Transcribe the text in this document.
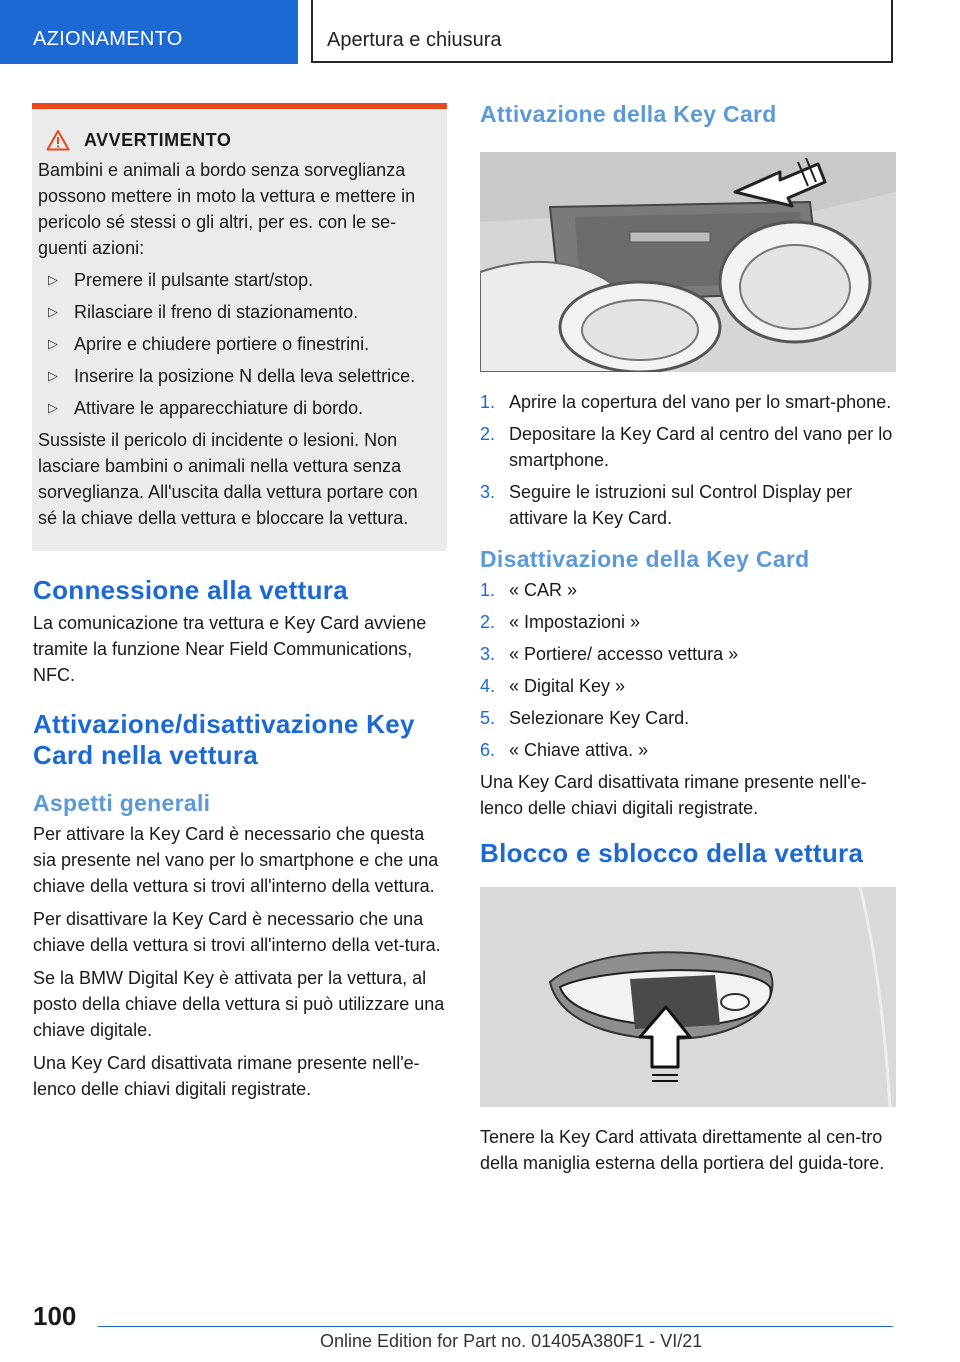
AZIONAMENTO	Apertura e chiusura
AVVERTIMENTO

Bambini e animali a bordo senza sorveglianza possono mettere in moto la vettura e mettere in pericolo sé stessi o gli altri, per es. con le se-guenti azioni:

▷ Premere il pulsante start/stop.
▷ Rilasciare il freno di stazionamento.
▷ Aprire e chiudere portiere o finestrini.
▷ Inserire la posizione N della leva selettrice.
▷ Attivare le apparecchiature di bordo.

Sussiste il pericolo di incidente o lesioni. Non lasciare bambini o animali nella vettura senza sorveglianza. All'uscita dalla vettura portare con sé la chiave della vettura e bloccare la vettura.

Connessione alla vettura

La comunicazione tra vettura e Key Card avviene tramite la funzione Near Field Communications, NFC.

Attivazione/disattivazione Key Card nella vettura
Aspetti generali

Per attivare la Key Card è necessario che questa sia presente nel vano per lo smartphone e che una chiave della vettura si trovi all'interno della vettura.

Per disattivare la Key Card è necessario che una chiave della vettura si trovi all'interno della vet-tura.

Se la BMW Digital Key è attivata per la vettura, al posto della chiave della vettura si può utilizzare una chiave digitale.

Una Key Card disattivata rimane presente nell'e-lenco delle chiavi digitali registrate.

Attivazione della Key Card
1. Aprire la copertura del vano per lo smart-phone.
2. Depositare la Key Card al centro del vano per lo smartphone.
3. Seguire le istruzioni sul Control Display per attivare la Key Card.
Disattivazione della Key Card
1. « CAR »
2. « Impostazioni »
3. « Portiere/ accesso vettura »
4. « Digital Key »
5. Selezionare Key Card.
6. « Chiave attiva. »

Una Key Card disattivata rimane presente nell'e-lenco delle chiavi digitali registrate.

Blocco e sblocco della vettura

Tenere la Key Card attivata direttamente al cen-tro della maniglia esterna della portiera del guida-tore.

100
Online Edition for Part no. 01405A380F1 - VI/21
